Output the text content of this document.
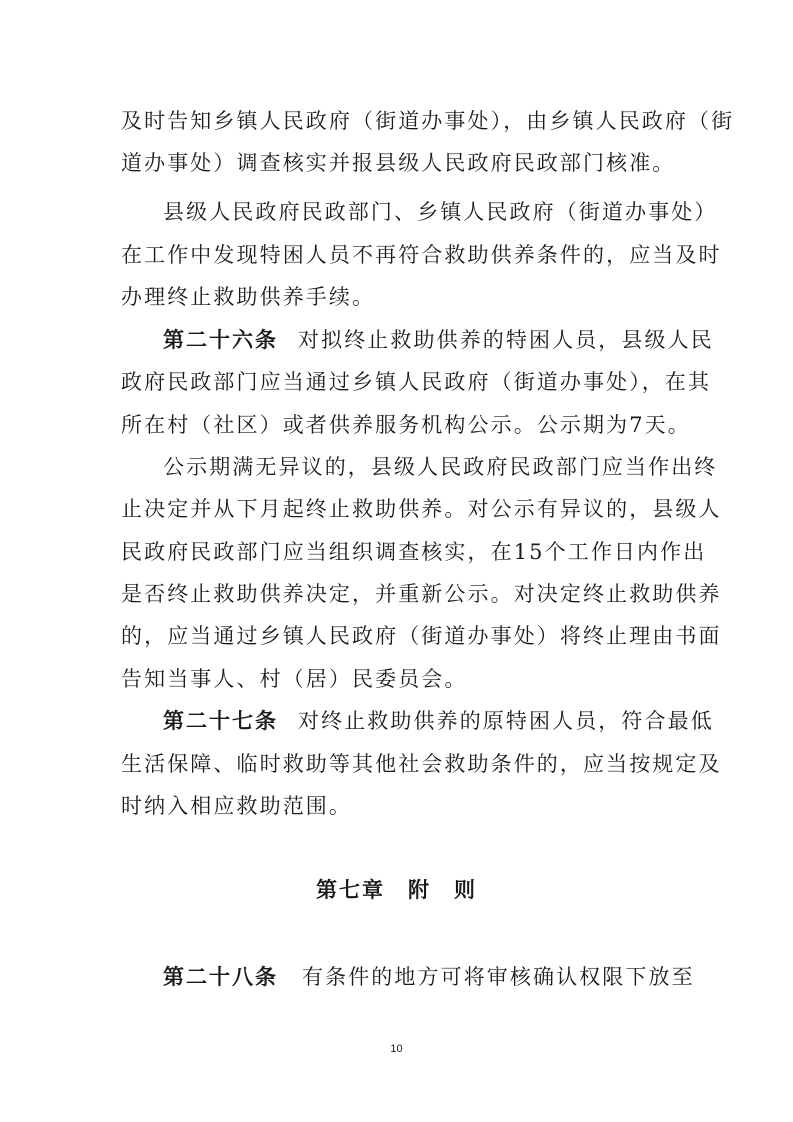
及时告知乡镇人民政府（街道办事处），由乡镇人民政府（街
道办事处）调查核实并报县级人民政府民政部门核准。
县级人民政府民政部门、乡镇人民政府（街道办事处）
在工作中发现特困人员不再符合救助供养条件的，应当及时
办理终止救助供养手续。
第二十六条 对拟终止救助供养的特困人员，县级人民
政府民政部门应当通过乡镇人民政府（街道办事处），在其
所在村（社区）或者供养服务机构公示。公示期为7天。
公示期满无异议的，县级人民政府民政部门应当作出终
止决定并从下月起终止救助供养。对公示有异议的，县级人
民政府民政部门应当组织调查核实，在15个工作日内作出
是否终止救助供养决定，并重新公示。对决定终止救助供养
的，应当通过乡镇人民政府（街道办事处）将终止理由书面
告知当事人、村（居）民委员会。
第二十七条 对终止救助供养的原特困人员，符合最低
生活保障、临时救助等其他社会救助条件的，应当按规定及
时纳入相应救助范围。
第七章　附　则
第二十八条 有条件的地方可将审核确认权限下放至
10
